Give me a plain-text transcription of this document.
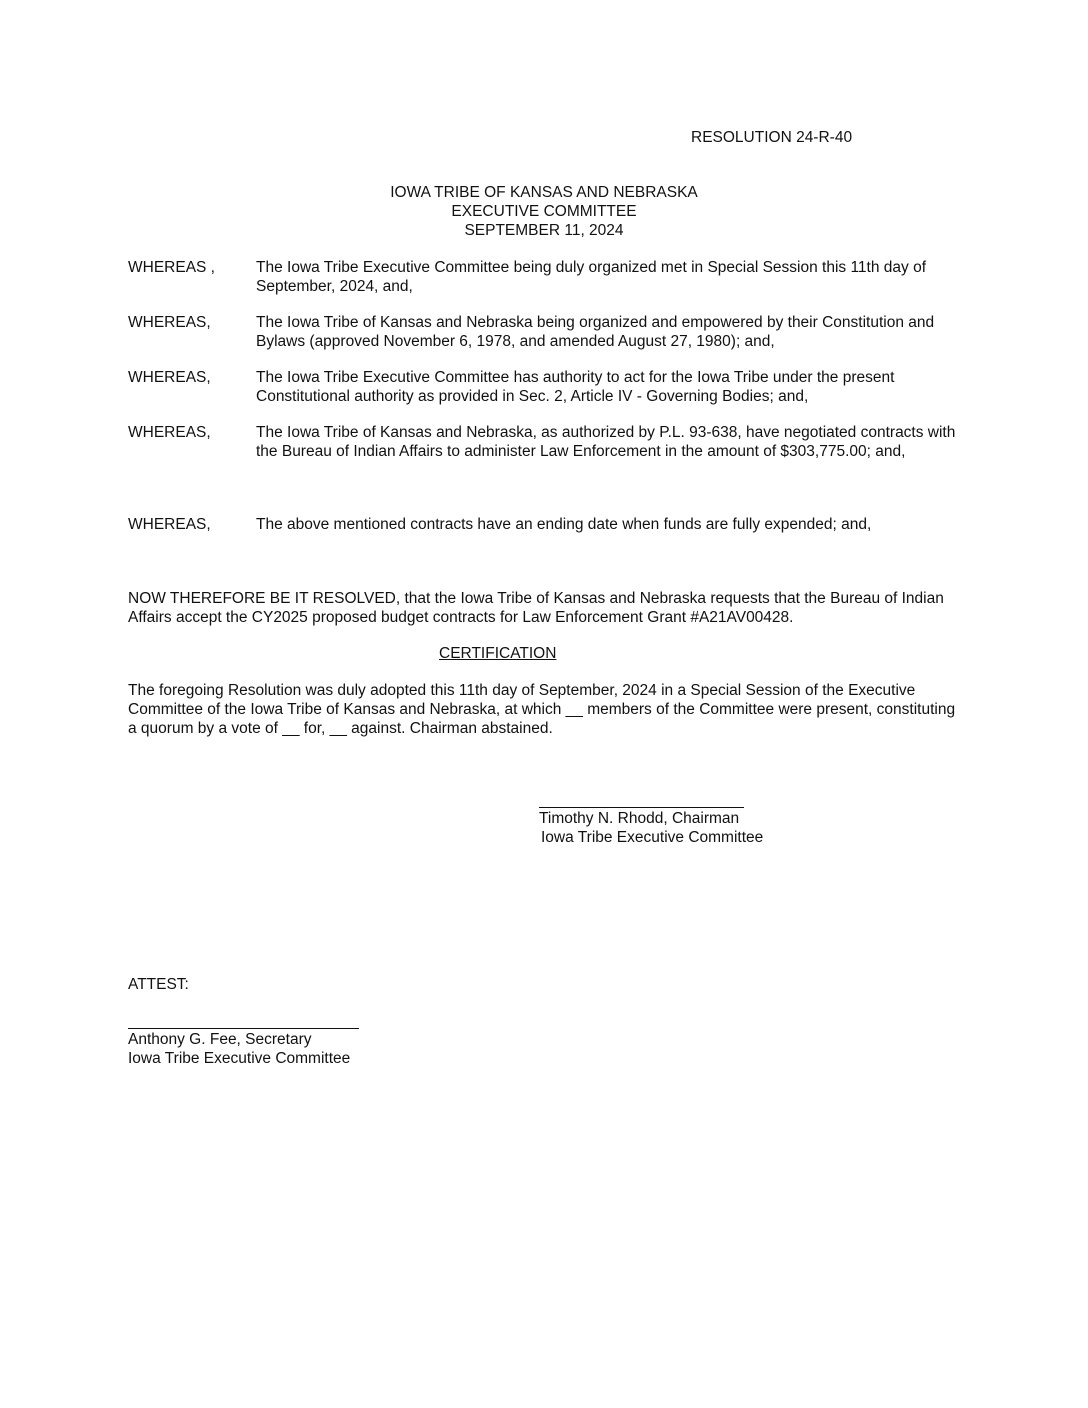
RESOLUTION 24-R-40
IOWA TRIBE OF KANSAS AND NEBRASKA
EXECUTIVE COMMITTEE
SEPTEMBER 11, 2024
WHEREAS ,	The Iowa Tribe Executive Committee being duly organized met in Special Session this 11th day of September, 2024, and,
WHEREAS,	The Iowa Tribe of Kansas and Nebraska being organized and empowered by their Constitution and Bylaws (approved November 6, 1978, and amended August 27, 1980); and,
WHEREAS,	The Iowa Tribe Executive Committee has authority to act for the Iowa Tribe under the present Constitutional authority as provided in Sec. 2, Article IV - Governing Bodies; and,
WHEREAS,	The Iowa Tribe of Kansas and Nebraska, as authorized by P.L. 93-638, have negotiated contracts with the Bureau of Indian Affairs to administer Law Enforcement in the amount of $303,775.00; and,
WHEREAS,	The above mentioned contracts have an ending date when funds are fully expended; and,
NOW THEREFORE BE IT RESOLVED, that the Iowa Tribe of Kansas and Nebraska requests that the Bureau of Indian Affairs accept the CY2025 proposed budget contracts for Law Enforcement Grant #A21AV00428.
CERTIFICATION
The foregoing Resolution was duly adopted this 11th day of September, 2024 in a Special Session of the Executive Committee of the Iowa Tribe of Kansas and Nebraska, at which __ members of the Committee were present, constituting a quorum by a vote of __ for, __ against. Chairman abstained.
Timothy N. Rhodd, Chairman
Iowa Tribe Executive Committee
ATTEST:
Anthony G. Fee, Secretary
Iowa Tribe Executive Committee
